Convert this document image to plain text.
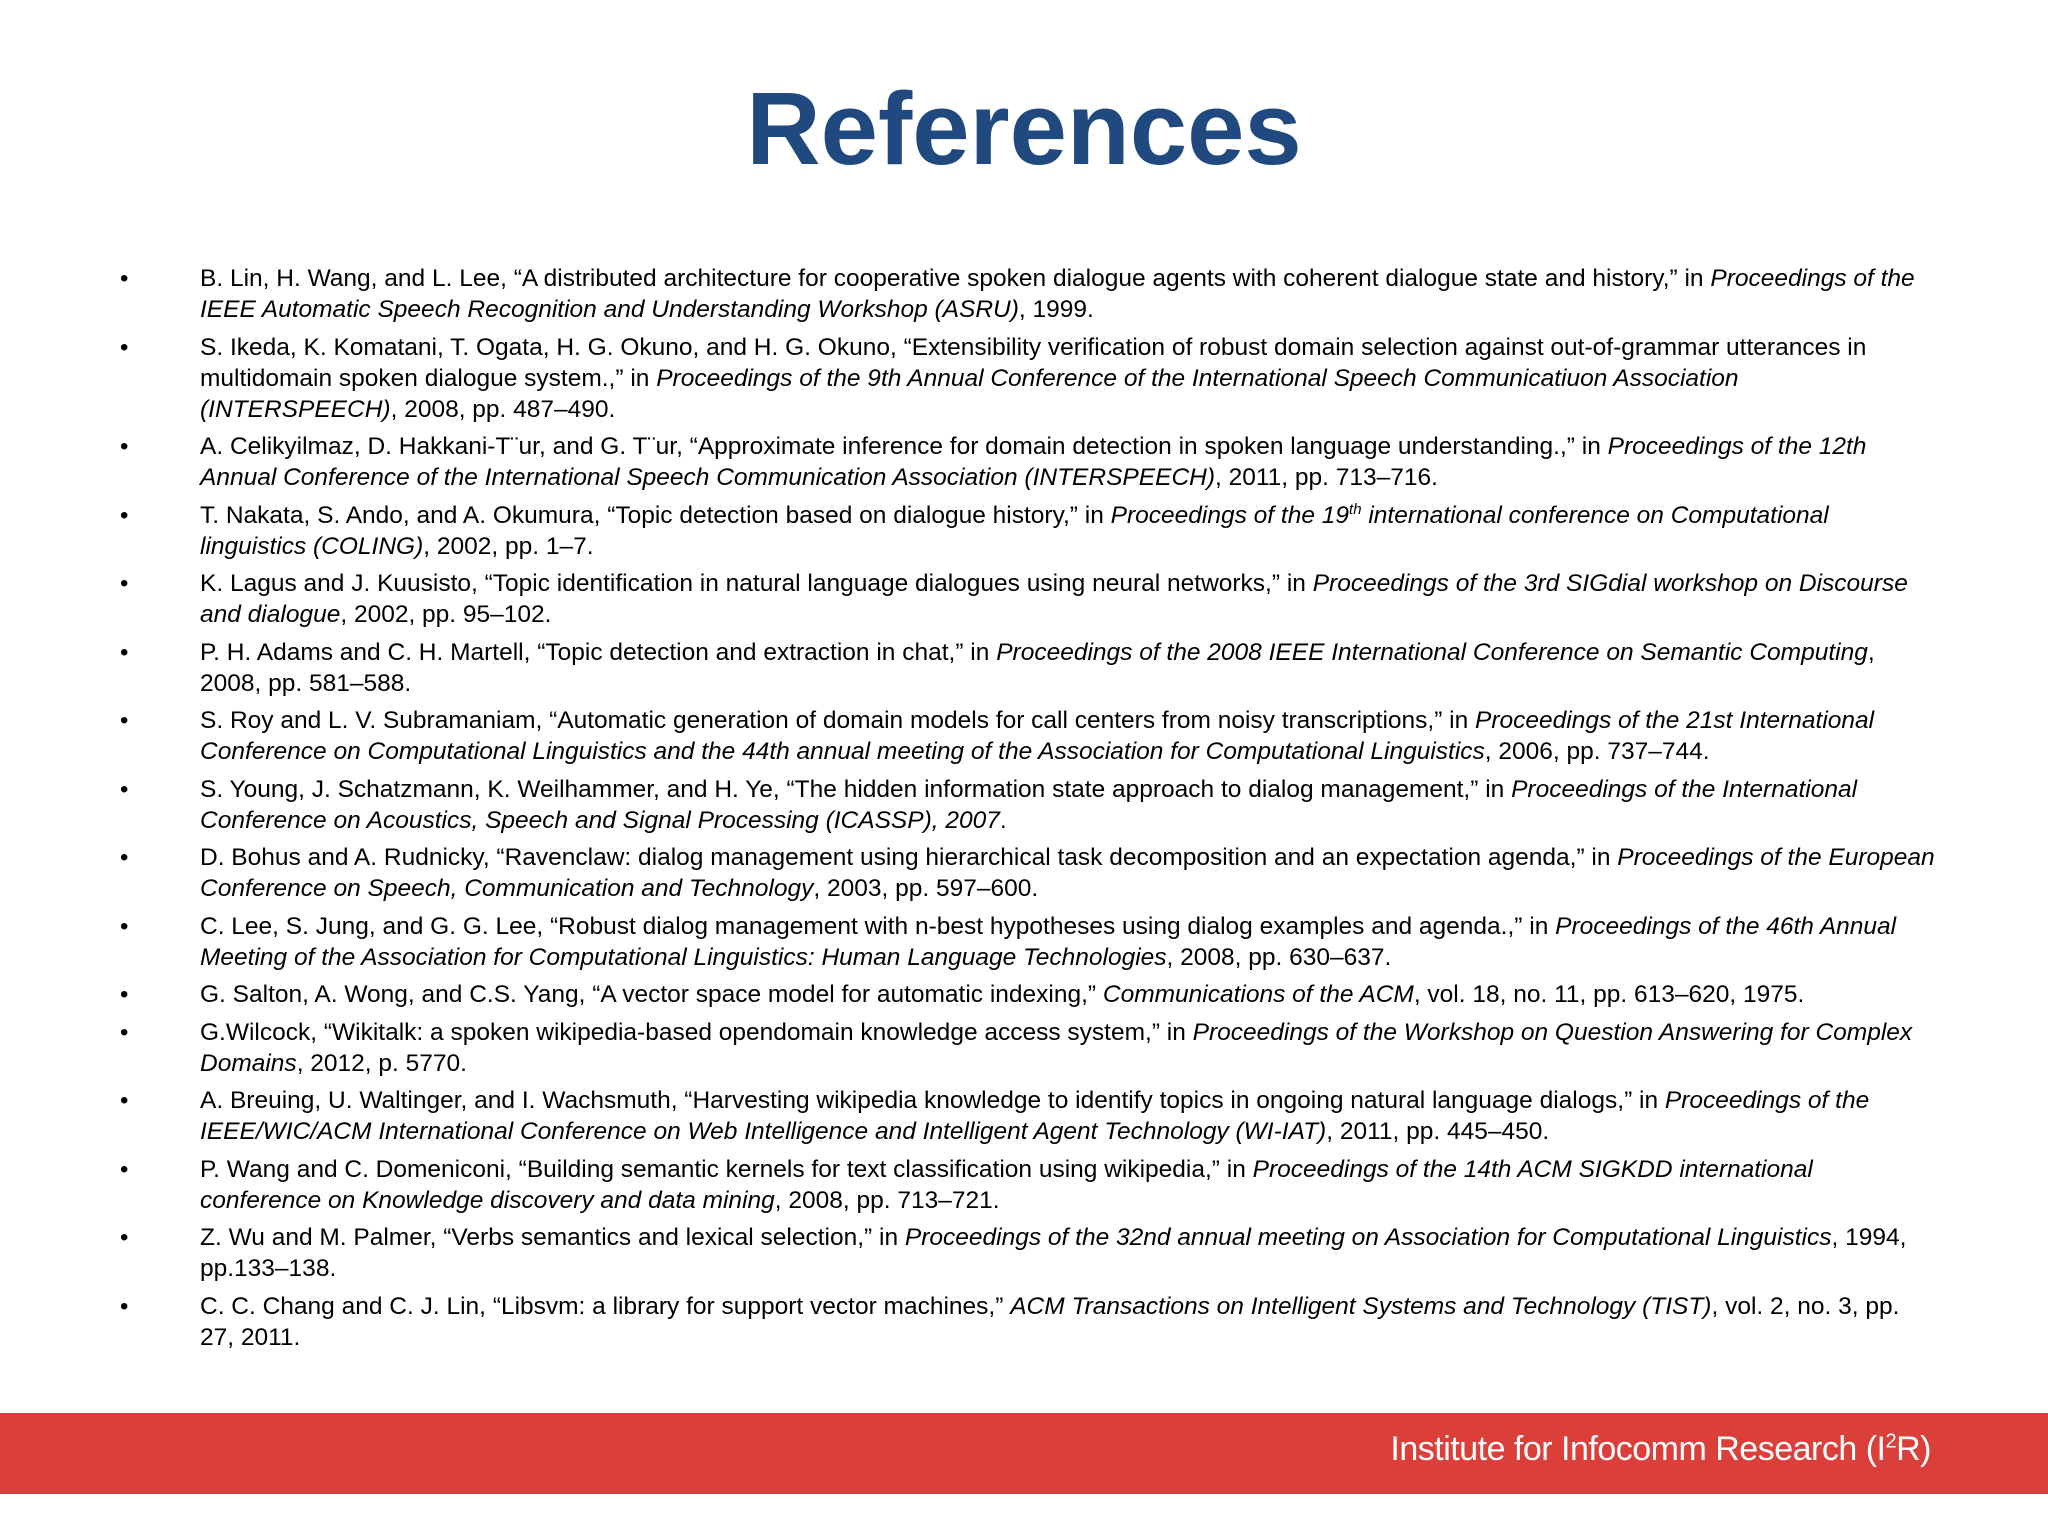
References
•	B. Lin, H. Wang, and L. Lee, “A distributed architecture for cooperative spoken dialogue agents with coherent dialogue state and history,” in Proceedings of the IEEE Automatic Speech Recognition and Understanding Workshop (ASRU), 1999.
•	S. Ikeda, K. Komatani, T. Ogata, H. G. Okuno, and H. G. Okuno, “Extensibility verification of robust domain selection against out-of-grammar utterances in multidomain spoken dialogue system.,” in Proceedings of the 9th Annual Conference of the International Speech Communicatiuon Association (INTERSPEECH), 2008, pp. 487–490.
•	A. Celikyilmaz, D. Hakkani-T¨ur, and G. T¨ur, “Approximate inference for domain detection in spoken language understanding.,” in Proceedings of the 12th Annual Conference of the International Speech Communication Association (INTERSPEECH), 2011, pp. 713–716.
•	T. Nakata, S. Ando, and A. Okumura, “Topic detection based on dialogue history,” in Proceedings of the 19th international conference on Computational linguistics (COLING), 2002, pp. 1–7.
•	K. Lagus and J. Kuusisto, “Topic identification in natural language dialogues using neural networks,” in Proceedings of the 3rd SIGdial workshop on Discourse and dialogue, 2002, pp. 95–102.
•	P. H. Adams and C. H. Martell, “Topic detection and extraction in chat,” in Proceedings of the 2008 IEEE International Conference on Semantic Computing, 2008, pp. 581–588.
•	S. Roy and L. V. Subramaniam, “Automatic generation of domain models for call centers from noisy transcriptions,” in Proceedings of the 21st International Conference on Computational Linguistics and the 44th annual meeting of the Association for Computational Linguistics, 2006, pp. 737–744.
•	S. Young, J. Schatzmann, K. Weilhammer, and H. Ye, “The hidden information state approach to dialog management,” in Proceedings of the International Conference on Acoustics, Speech and Signal Processing (ICASSP), 2007.
•	D. Bohus and A. Rudnicky, “Ravenclaw: dialog management using hierarchical task decomposition and an expectation agenda,” in Proceedings of the European Conference on Speech, Communication and Technology, 2003, pp. 597–600.
•	C. Lee, S. Jung, and G. G. Lee, “Robust dialog management with n-best hypotheses using dialog examples and agenda.,” in Proceedings of the 46th Annual Meeting of the Association for Computational Linguistics: Human Language Technologies, 2008, pp. 630–637.
•	G. Salton, A. Wong, and C.S. Yang, “A vector space model for automatic indexing,” Communications of the ACM, vol. 18, no. 11, pp. 613–620, 1975.
•	G.Wilcock, “Wikitalk: a spoken wikipedia-based opendomain knowledge access system,” in Proceedings of the Workshop on Question Answering for Complex Domains, 2012, p. 5770.
•	A. Breuing, U. Waltinger, and I. Wachsmuth, “Harvesting wikipedia knowledge to identify topics in ongoing natural language dialogs,” in Proceedings of the IEEE/WIC/ACM International Conference on Web Intelligence and Intelligent Agent Technology (WI-IAT), 2011, pp. 445–450.
•	P. Wang and C. Domeniconi, “Building semantic kernels for text classification using wikipedia,” in Proceedings of the 14th ACM SIGKDD international conference on Knowledge discovery and data mining, 2008, pp. 713–721.
•	Z. Wu and M. Palmer, “Verbs semantics and lexical selection,” in Proceedings of the 32nd annual meeting on Association for Computational Linguistics, 1994, pp.133–138.
•	C. C. Chang and C. J. Lin, “Libsvm: a library for support vector machines,” ACM Transactions on Intelligent Systems and Technology (TIST), vol. 2, no. 3, pp. 27, 2011.
Institute for Infocomm Research $(I^2R)$
